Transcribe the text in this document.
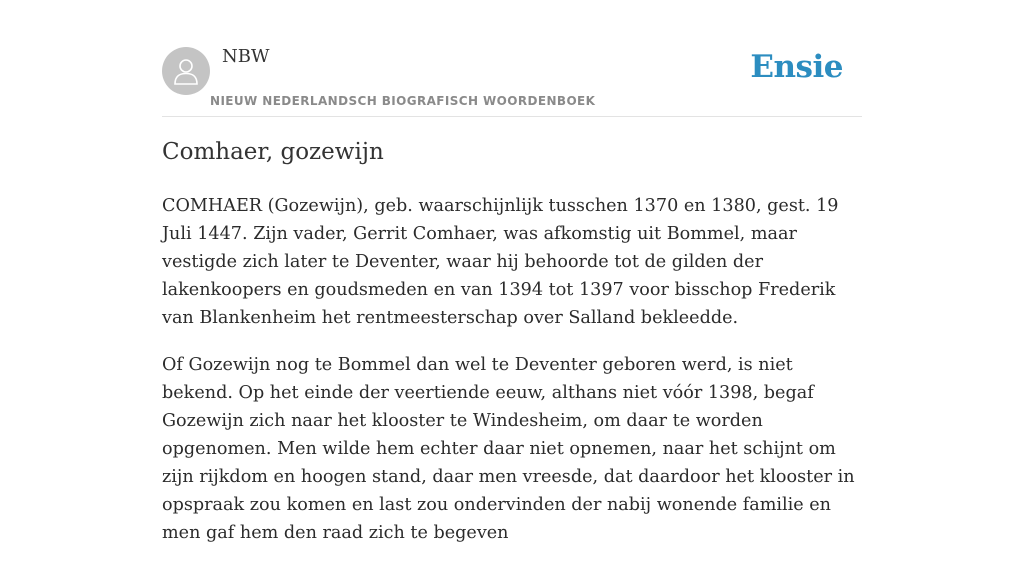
NBW
NIEUW NEDERLANDSCH BIOGRAFISCH WOORDENBOEK
Ensie
Comhaer, gozewijn

COMHAER (Gozewijn), geb. waarschijnlijk tusschen 1370 en 1380, gest. 19 Juli 1447. Zijn vader, Gerrit Comhaer, was afkomstig uit Bommel, maar vestigde zich later te Deventer, waar hij behoorde tot de gilden der lakenkoopers en goudsmeden en van 1394 tot 1397 voor bisschop Frederik van Blankenheim het rentmeesterschap over Salland bekleedde.

Of Gozewijn nog te Bommel dan wel te Deventer geboren werd, is niet bekend. Op het einde der veertiende eeuw, althans niet vóór 1398, begaf Gozewijn zich naar het klooster te Windesheim, om daar te worden opgenomen. Men wilde hem echter daar niet opnemen, naar het schijnt om zijn rijkdom en hoogen stand, daar men vreesde, dat daardoor het klooster in opspraak zou komen en last zou ondervinden der nabij wonende familie en men gaf hem den raad zich te begeven
